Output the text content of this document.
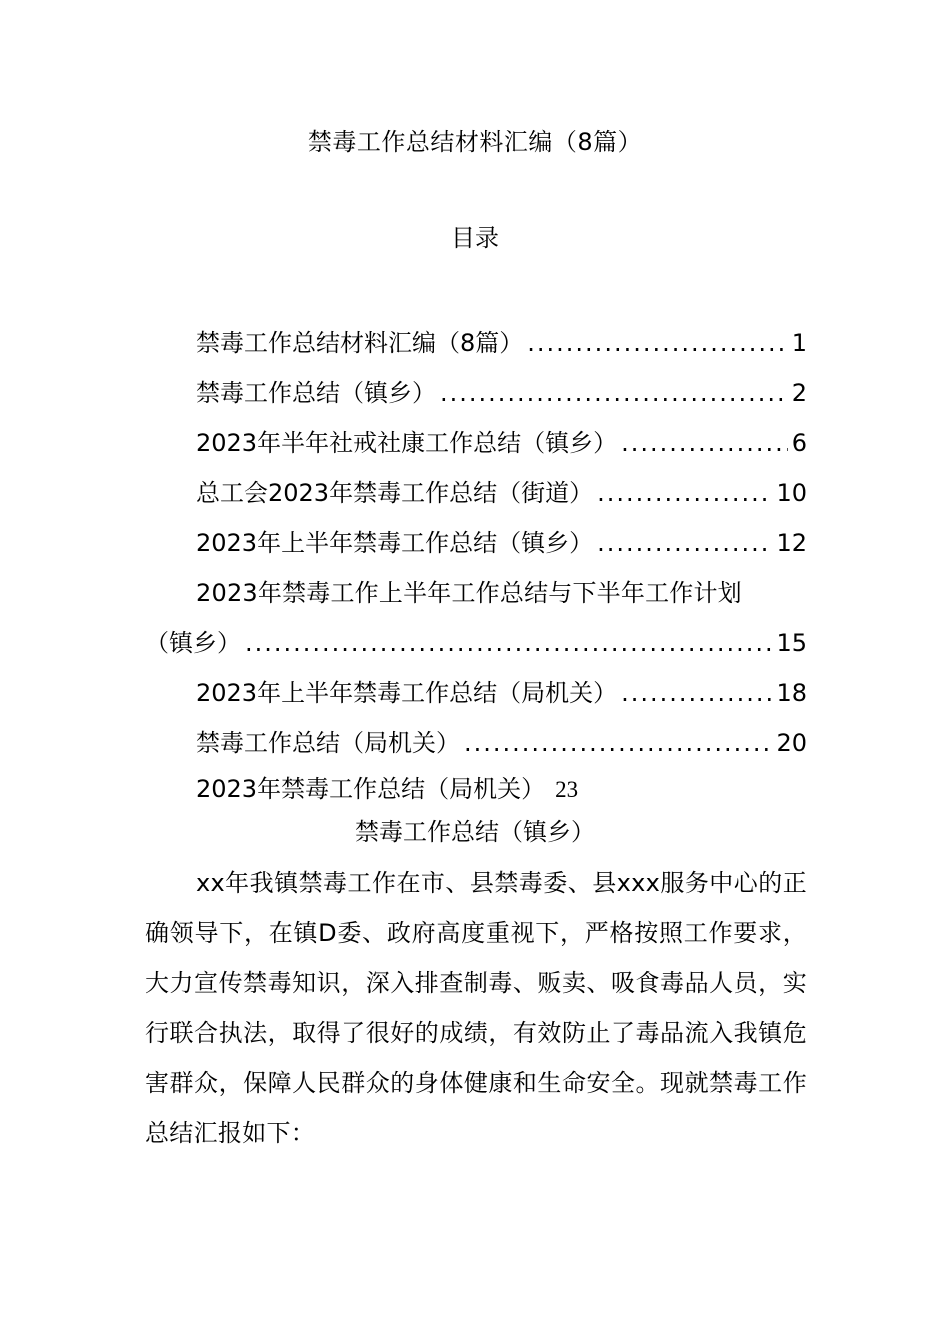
禁毒工作总结材料汇编（8篇）
目录
禁毒工作总结材料汇编（8篇） .....	1
禁毒工作总结（镇乡） .....	2
2023年半年社戒社康工作总结（镇乡） .....	6
总工会2023年禁毒工作总结（街道） .....	10
2023年上半年禁毒工作总结（镇乡） .....	12
2023年禁毒工作上半年工作总结与下半年工作计划
（镇乡） .....	15
2023年上半年禁毒工作总结（局机关） .....	18
禁毒工作总结（局机关） .....	20
2023年禁毒工作总结（局机关） 23
禁毒工作总结（镇乡）

xx年我镇禁毒工作在市、县禁毒委、县xxx服务中心的正确领导下，在镇D委、政府高度重视下，严格按照工作要求，大力宣传禁毒知识，深入排查制毒、贩卖、吸食毒品人员，实行联合执法，取得了很好的成绩，有效防止了毒品流入我镇危害群众，保障人民群众的身体健康和生命安全。现就禁毒工作总结汇报如下：
